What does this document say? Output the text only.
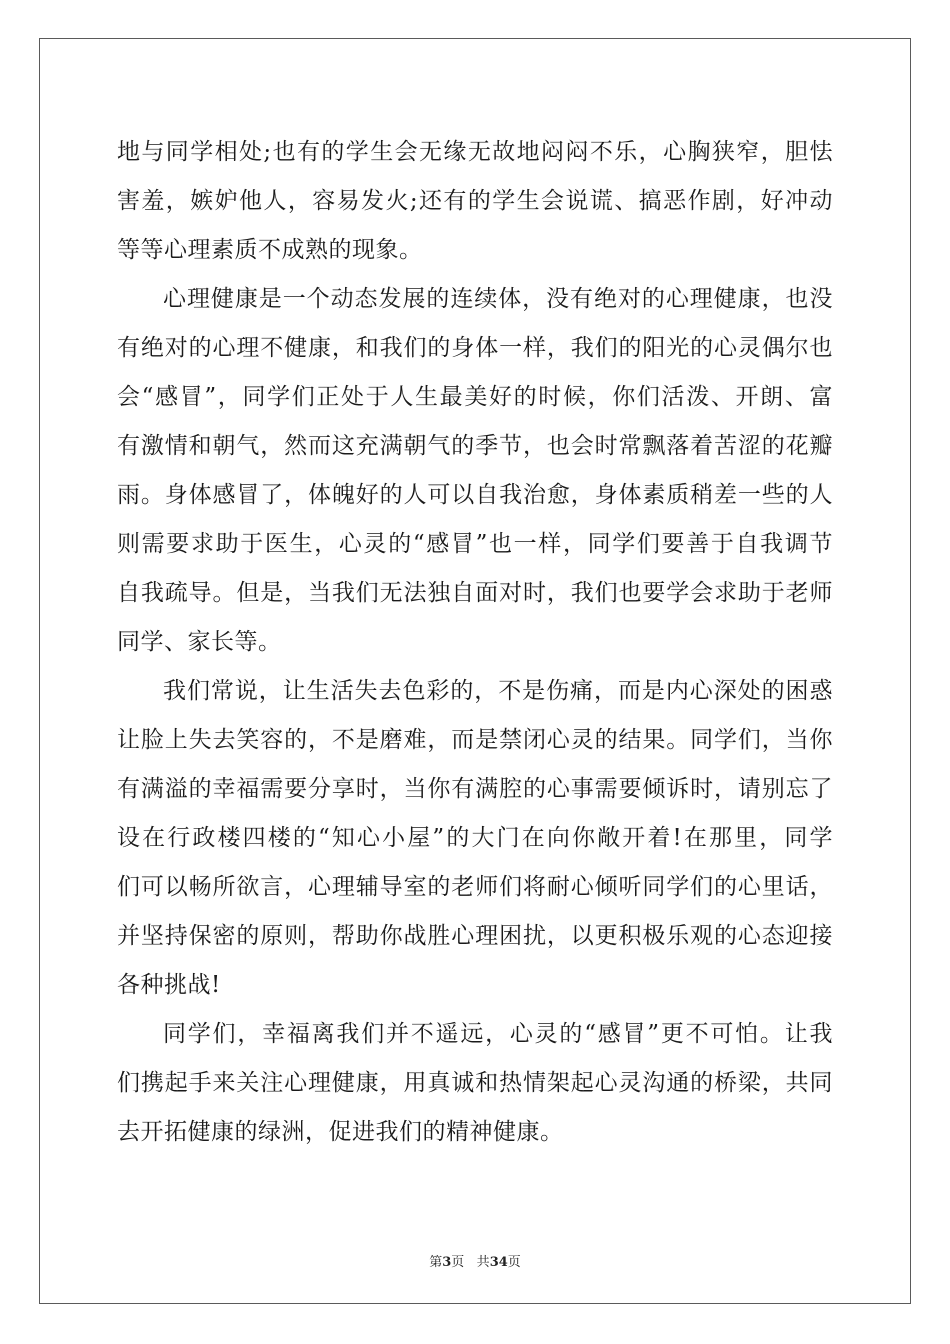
地与同学相处;也有的学生会无缘无故地闷闷不乐，心胸狭窄，胆怯
害羞，嫉妒他人，容易发火;还有的学生会说谎、搞恶作剧，好冲动
等等心理素质不成熟的现象。
心理健康是一个动态发展的连续体，没有绝对的心理健康，也没
有绝对的心理不健康，和我们的身体一样，我们的阳光的心灵偶尔也
会“感冒”，同学们正处于人生最美好的时候，你们活泼、开朗、富
有激情和朝气，然而这充满朝气的季节，也会时常飘落着苦涩的花瓣
雨。身体感冒了，体魄好的人可以自我治愈，身体素质稍差一些的人
则需要求助于医生，心灵的“感冒”也一样，同学们要善于自我调节
自我疏导。但是，当我们无法独自面对时，我们也要学会求助于老师
同学、家长等。
我们常说，让生活失去色彩的，不是伤痛，而是内心深处的困惑
让脸上失去笑容的，不是磨难，而是禁闭心灵的结果。同学们，当你
有满溢的幸福需要分享时，当你有满腔的心事需要倾诉时，请别忘了
设在行政楼四楼的“知心小屋”的大门在向你敞开着!在那里，同学
们可以畅所欲言，心理辅导室的老师们将耐心倾听同学们的心里话，
并坚持保密的原则，帮助你战胜心理困扰，以更积极乐观的心态迎接
各种挑战!
同学们，幸福离我们并不遥远，心灵的“感冒”更不可怕。让我
们携起手来关注心理健康，用真诚和热情架起心灵沟通的桥梁，共同
去开拓健康的绿洲，促进我们的精神健康。
第3页 共34页
